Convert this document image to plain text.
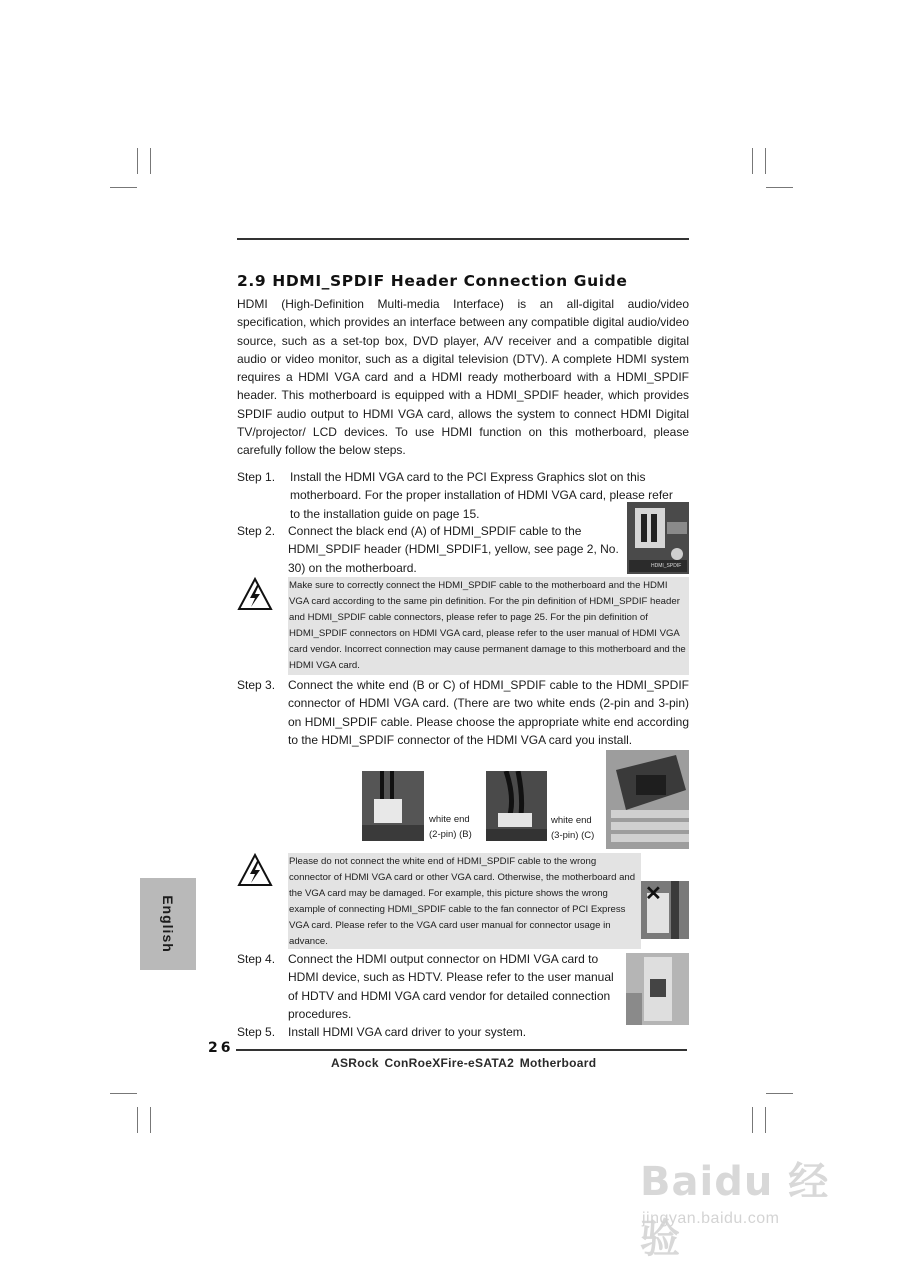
2.9 HDMI_SPDIF Header Connection Guide

HDMI (High-Definition Multi-media Interface) is an all-digital audio/video specification, which provides an interface between any compatible digital audio/video source, such as a set-top box, DVD player, A/V receiver and a compatible digital audio or video monitor, such as a digital television (DTV). A complete HDMI system requires a HDMI VGA card and a HDMI ready motherboard with a HDMI_SPDIF header. This motherboard is equipped with a HDMI_SPDIF header, which provides SPDIF audio output to HDMI VGA card, allows the system to connect HDMI Digital TV/projector/ LCD devices. To use HDMI function on this motherboard, please carefully follow the below steps.

Step 1. Install the HDMI VGA card to the PCI Express Graphics slot on this motherboard. For the proper installation of HDMI VGA card, please refer to the installation guide on page 15.
Step 2. Connect the black end (A) of HDMI_SPDIF cable to the HDMI_SPDIF header (HDMI_SPDIF1, yellow, see page 2, No. 30) on the motherboard.	HDMI_SPDIF
Make sure to correctly connect the HDMI_SPDIF cable to the motherboard and the HDMI VGA card according to the same pin definition. For the pin definition of HDMI_SPDIF header and HDMI_SPDIF cable connectors, please refer to page 25. For the pin definition of HDMI_SPDIF connectors on HDMI VGA card, please refer to the user manual of HDMI VGA card vendor. Incorrect connection may cause permanent damage to this motherboard and the HDMI VGA card.
Step 3. Connect the white end (B or C) of HDMI_SPDIF cable to the HDMI_SPDIF connector of HDMI VGA card. (There are two white ends (2-pin and 3-pin) on HDMI_SPDIF cable. Please choose the appropriate white end according to the HDMI_SPDIF connector of the HDMI VGA card you install.
white end
(2-pin) (B)
white end
(3-pin) (C)
Please do not connect the white end of HDMI_SPDIF cable to the wrong connector of HDMI VGA card or other VGA card. Otherwise, the motherboard and the VGA card may be damaged. For example, this picture shows the wrong example of connecting HDMI_SPDIF cable to the fan connector of PCI Express VGA card. Please refer to the VGA card user manual for connector usage in advance.
✕
Step 4. Connect the HDMI output connector on HDMI VGA card to HDMI device, such as HDTV. Please refer to the user manual of HDTV and HDMI VGA card vendor for detailed connection procedures.
Step 5. Install HDMI VGA card driver to your system.
English
26
ASRock ConRoeXFire-eSATA2 Motherboard
Baidu 经验
jingyan.baidu.com
